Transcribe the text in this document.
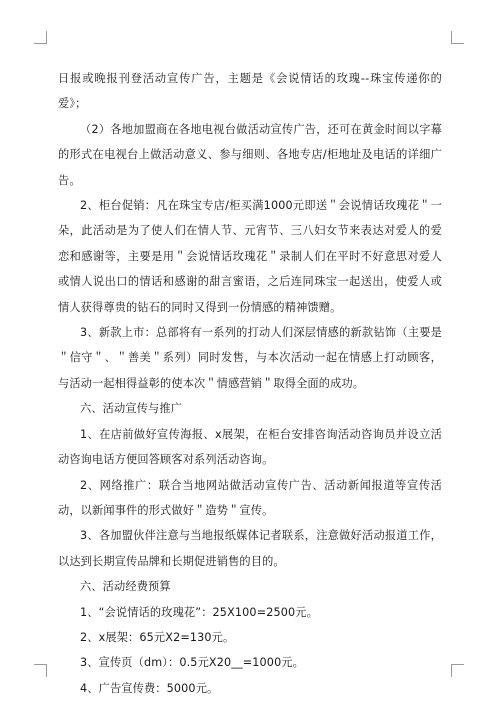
日报或晚报刊登活动宣传广告，主题是《会说情话的玫瑰--珠宝传递你的爱》；

（2）各地加盟商在各地电视台做活动宣传广告，还可在黄金时间以字幕的形式在电视台上做活动意义、参与细则、各地专店/柜地址及电话的详细广告。

2、柜台促销：凡在珠宝专店/柜买满1000元即送＂会说情话玫瑰花＂一朵，此活动是为了使人们在情人节、元宵节、三八妇女节来表达对爱人的爱恋和感谢等，主要是用＂会说情话玫瑰花＂录制人们在平时不好意思对爱人或情人说出口的情话和感谢的甜言蜜语，之后连同珠宝一起送出，使爱人或情人获得尊贵的钻石的同时又得到一份情感的精神馈赠。

3、新款上市：总部将有一系列的打动人们深层情感的新款钻饰（主要是＂信守＂、＂善美＂系列）同时发售，与本次活动一起在情感上打动顾客，与活动一起相得益彰的使本次＂情感营销＂取得全面的成功。

六、活动宣传与推广

1、在店前做好宣传海报、x展架，在柜台安排咨询活动咨询员并设立活动咨询电话方便回答顾客对系列活动咨询。

2、网络推广：联合当地网站做活动宣传广告、活动新闻报道等宣传活动，以新闻事件的形式做好＂造势＂宣传。

3、各加盟伙伴注意与当地报纸媒体记者联系，注意做好活动报道工作，以达到长期宣传品牌和长期促进销售的目的。

六、活动经费预算

1、“会说情话的玫瑰花”：25X100=2500元。

2、x展架：65元X2=130元。

3、宣传页（dm）：0.5元X20__=1000元。

4、广告宣传费：5000元。
